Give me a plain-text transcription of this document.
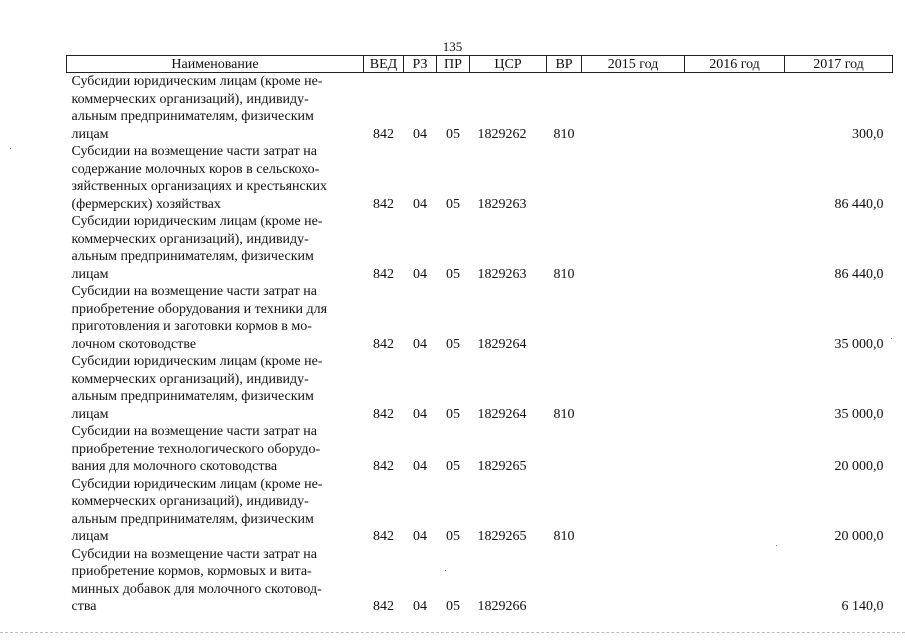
135
Наименование	ВЕД	РЗ	ПР	ЦСР	ВР	2015 год	2016 год	2017 год

Субсидии юридическим лицам (кроме не-
коммерческих организаций), индивиду-
альным предпринимателям, физическим
лицам	842	04	05	1829262	810			300,0

Субсидии на возмещение части затрат на
содержание молочных коров в сельскохо-
зяйственных организациях и крестьянских
(фермерских) хозяйствах	842	04	05	1829263				86 440,0

Субсидии юридическим лицам (кроме не-
коммерческих организаций), индивиду-
альным предпринимателям, физическим
лицам	842	04	05	1829263	810			86 440,0

Субсидии на возмещение части затрат на
приобретение оборудования и техники для
приготовления и заготовки кормов в мо-
лочном скотоводстве	842	04	05	1829264				35 000,0

Субсидии юридическим лицам (кроме не-
коммерческих организаций), индивиду-
альным предпринимателям, физическим
лицам	842	04	05	1829264	810			35 000,0

Субсидии на возмещение части затрат на
приобретение технологического оборудо-
вания для молочного скотоводства	842	04	05	1829265				20 000,0

Субсидии юридическим лицам (кроме не-
коммерческих организаций), индивиду-
альным предпринимателям, физическим
лицам	842	04	05	1829265	810			20 000,0

Субсидии на возмещение части затрат на
приобретение кормов, кормовых и вита-
минных добавок для молочного скотовод-
ства	842	04	05	1829266				6 140,0
